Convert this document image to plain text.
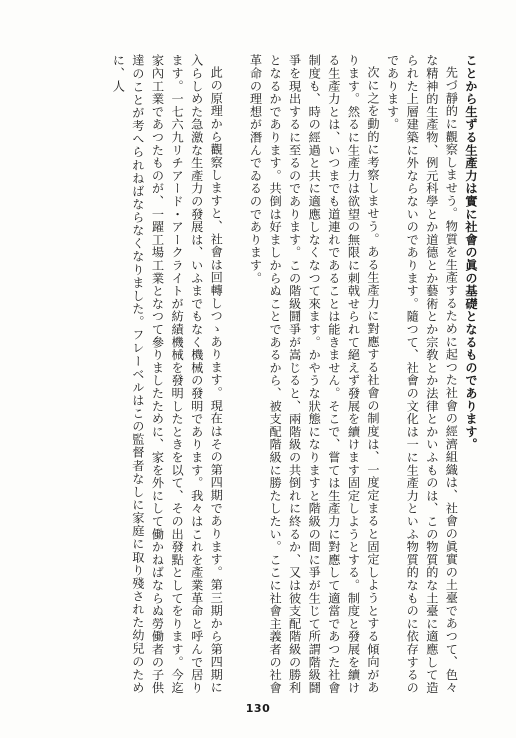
ことから生ずる生產力は實に社會の眞の基礎となるものであります。

先づ靜的に觀察しませう。物質を生產するために起つた社會の經濟組織は、社會の眞實の土臺であつて、色々な精神的生產物、例元科學とか道德とか藝術とか宗敎とか法律とかいふものは、この物質的な土臺に適應して造られた上層建築に外ならないのであります。隨つて、社會の文化は一に生產力といふ物質的なものに依存するのであります。

次に之を動的に考察しませう。ある生產力に對應する社會の制度は、一度定まると固定しようとする傾向があります。然るに生產力は欲望の無限に刺戟せられて絕えず發展を續けます固定しようとする。制度と發展を續ける生產力とは、いつまでも道連れであることは能きません。そこで、嘗ては生產力に對應して適當であつた社會制度も、時の經過と共に適應しなくなつて來ます。かやうな狀態になりますと階級の間に爭が生じて所謂階級鬪爭を現出するに至るのであります。この階級鬪爭が嵩じると、兩階級の共倒れに終るか、又は彼支配階級の勝利となるかであります。共倒は好ましからぬことであるから、被支配階級に勝たしたい。ここに社會主義者の社會革命の理想が潛んでゐるのであります。

此の原理から觀察しますと、社會は回轉しつゝあります。現在はその第四期であります。第三期から第四期に入らしめた急激な生產力の發展は、いふまでもなく機械の發明であります。我々はこれを產業革命と呼んで居ります。一七六九リチアード・アークライトが紡績機械を發明したときを以て、その出發點としてをります。今迄家內工業であつたものが、一躍工場工業となつて參りましたために、家を外にして働かねばならぬ勞働者の子供達のことが考へられねばならなくなりました。フレーベルはこの監督者なしに家庭に取り殘された幼兒のために、人

130
